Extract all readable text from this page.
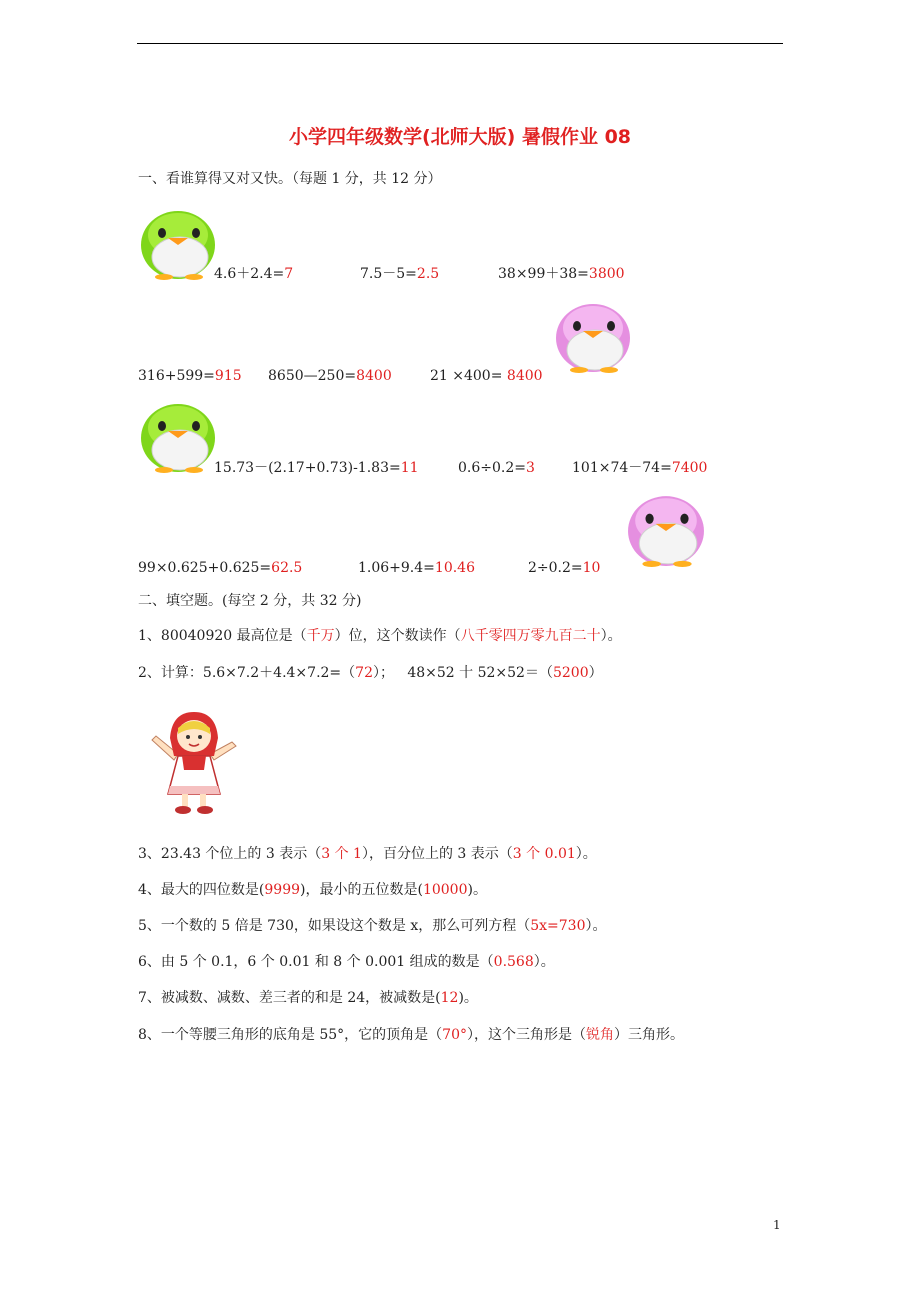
小学四年级数学(北师大版) 暑假作业 08
一、看谁算得又对又快。（每题 1 分，共 12 分）
4.6＋2.4=7	7.5－5=2.5	38×99＋38=3800
316+599=915 8650—250=8400	21 ×400= 8400
15.73－(2.17+0.73)-1.83=11	0.6÷0.2=3	101×74－74=7400
99×0.625+0.625=62.5	1.06+9.4=10.46	2÷0.2=10
二、填空题。(每空 2 分，共 32 分)
1、80040920 最高位是（千万）位，这个数读作（八千零四万零九百二十）。
2、计算：5.6×7.2＋4.4×7.2=（72）；   48×52 十 52×52＝（5200）
3、23.43 个位上的 3 表示（3 个 1），百分位上的 3 表示（3 个 0.01）。
4、最大的四位数是(9999)，最小的五位数是(10000)。
5、一个数的 5 倍是 730，如果设这个数是 x，那么可列方程（5x=730）。
6、由 5 个 0.1，6 个 0.01 和 8 个 0.001 组成的数是（0.568）。
7、被减数、减数、差三者的和是 24，被减数是(12)。
8、一个等腰三角形的底角是 55°，它的顶角是（70°），这个三角形是（锐角）三角形。
1
